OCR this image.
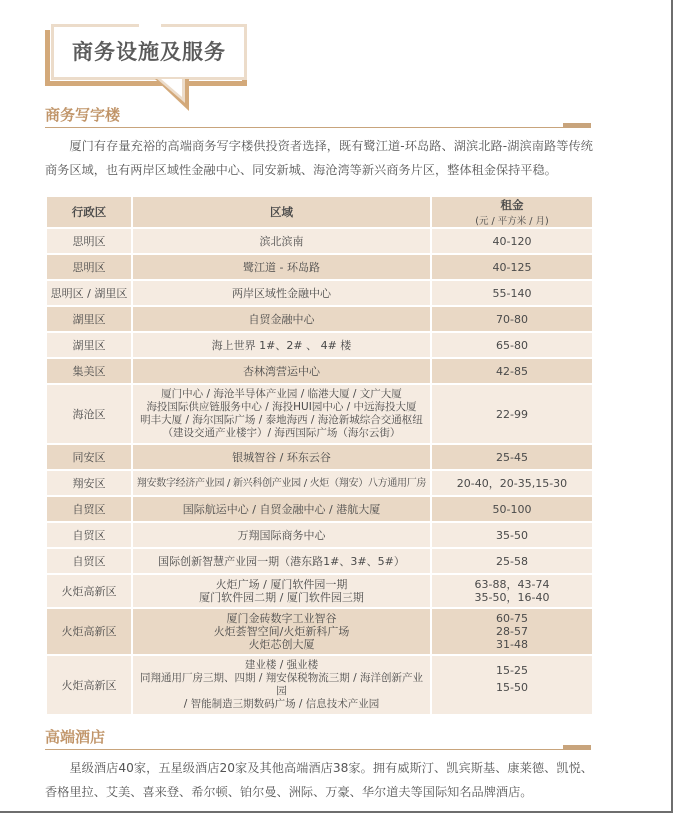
商务设施及服务
商务写字楼
厦门有存量充裕的高端商务写字楼供投资者选择，既有鹭江道-环岛路、湖滨北路-湖滨南路等传统商务区域，也有两岸区域性金融中心、同安新城、海沧湾等新兴商务片区，整体租金保持平稳。
行政区	区域	租金
(元 / 平方米 / 月)

思明区	滨北滨南	40-120
思明区	鹭江道 - 环岛路	40-125
思明区 / 湖里区	两岸区域性金融中心	55-140
湖里区	自贸金融中心	70-80
湖里区	海上世界 1#、2# 、 4# 楼	65-80
集美区	杏林湾营运中心	42-85
海沧区	厦门中心 / 海沧半导体产业园 / 临港大厦 / 文广大厦
海投国际供应链服务中心 / 海投HUI园中心 / 中远海投大厦
明丰大厦 / 海尔国际广场 / 泰地海西 / 海沧新城综合交通枢纽
（建设交通产业楼宇）/ 海西国际广场（海尔云街）	22-99
同安区	银城智谷 / 环东云谷	25-45
翔安区	翔安数字经济产业园 / 新兴科创产业园 / 火炬（翔安）八方通用厂房	20-40，20-35,15-30
自贸区	国际航运中心 / 自贸金融中心 / 港航大厦	50-100
自贸区	万翔国际商务中心	35-50
自贸区	国际创新智慧产业园一期（港东路1#、3#、5#）	25-58
火炬高新区	火炬广场 / 厦门软件园一期
厦门软件园二期 / 厦门软件园三期	63-88，43-74
35-50，16-40

火炬高新区	厦门金砖数字工业智谷
火炬荟智空间/火炬新科广场
火炬芯创大厦	60-75
28-57
31-48

火炬高新区	建业楼 / 强业楼
同翔通用厂房三期、四期 / 翔安保税物流三期 / 海洋创新产业园
/ 智能制造三期数码广场 / 信息技术产业园	15-25
15-50
高端酒店
星级酒店40家，五星级酒店20家及其他高端酒店38家。拥有威斯汀、凯宾斯基、康莱德、凯悦、香格里拉、艾美、喜来登、希尔顿、铂尔曼、洲际、万豪、华尔道夫等国际知名品牌酒店。
